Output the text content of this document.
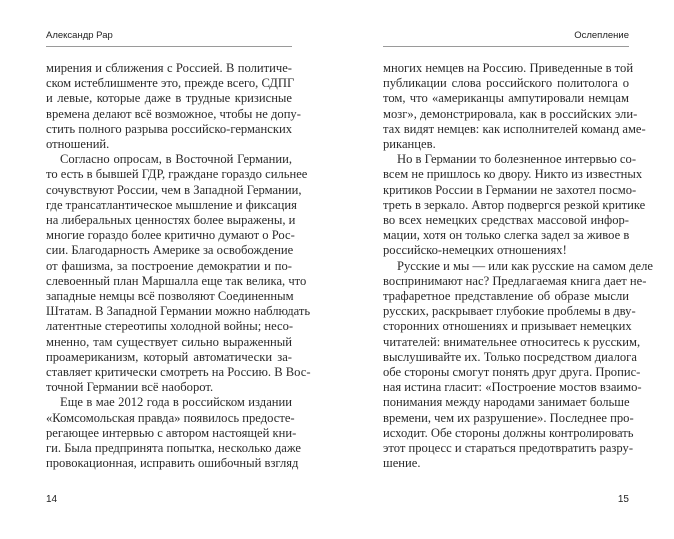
Александр Рар
мирения и сближения с Россией. В политиче-
ском истеблишменте это, прежде всего, СДПГ
и левые, которые даже в трудные кризисные
времена делают всё возможное, чтобы не допу-
стить полного разрыва российско-германских
отношений.
Согласно опросам, в Восточной Германии,
то есть в бывшей ГДР, граждане гораздо сильнее
сочувствуют России, чем в Западной Германии,
где трансатлантическое мышление и фиксация
на либеральных ценностях более выражены, и
многие гораздо более критично думают о Рос-
сии. Благодарность Америке за освобождение
от фашизма, за построение демократии и по-
слевоенный план Маршалла еще так велика, что
западные немцы всё позволяют Соединенным
Штатам. В Западной Германии можно наблюдать
латентные стереотипы холодной войны; несо-
мненно, там существует сильно выраженный
проамериканизм, который автоматически за-
ставляет критически смотреть на Россию. В Вос-
точной Германии всё наоборот.
Еще в мае 2012 года в российском издании
«Комсомольская правда» появилось предосте-
регающее интервью с автором настоящей кни-
ги. Была предпринята попытка, несколько даже
провокационная, исправить ошибочный взгляд
14
Ослепление
многих немцев на Россию. Приведенные в той
публикации слова российского политолога о
том, что «американцы ампутировали немцам
мозг», демонстрировала, как в российских эли-
тах видят немцев: как исполнителей команд аме-
риканцев.
Но в Германии то болезненное интервью со-
всем не пришлось ко двору. Никто из известных
критиков России в Германии не захотел посмо-
треть в зеркало. Автор подвергся резкой критике
во всех немецких средствах массовой инфор-
мации, хотя он только слегка задел за живое в
российско-немецких отношениях!
Русские и мы — или как русские на самом деле
воспринимают нас? Предлагаемая книга дает не-
трафаретное представление об образе мысли
русских, раскрывает глубокие проблемы в дву-
сторонних отношениях и призывает немецких
читателей: внимательнее относитесь к русским,
выслушивайте их. Только посредством диалога
обе стороны смогут понять друг друга. Пропис-
ная истина гласит: «Построение мостов взаимо-
понимания между народами занимает больше
времени, чем их разрушение». Последнее про-
исходит. Обе стороны должны контролировать
этот процесс и стараться предотвратить разру-
шение.
15
